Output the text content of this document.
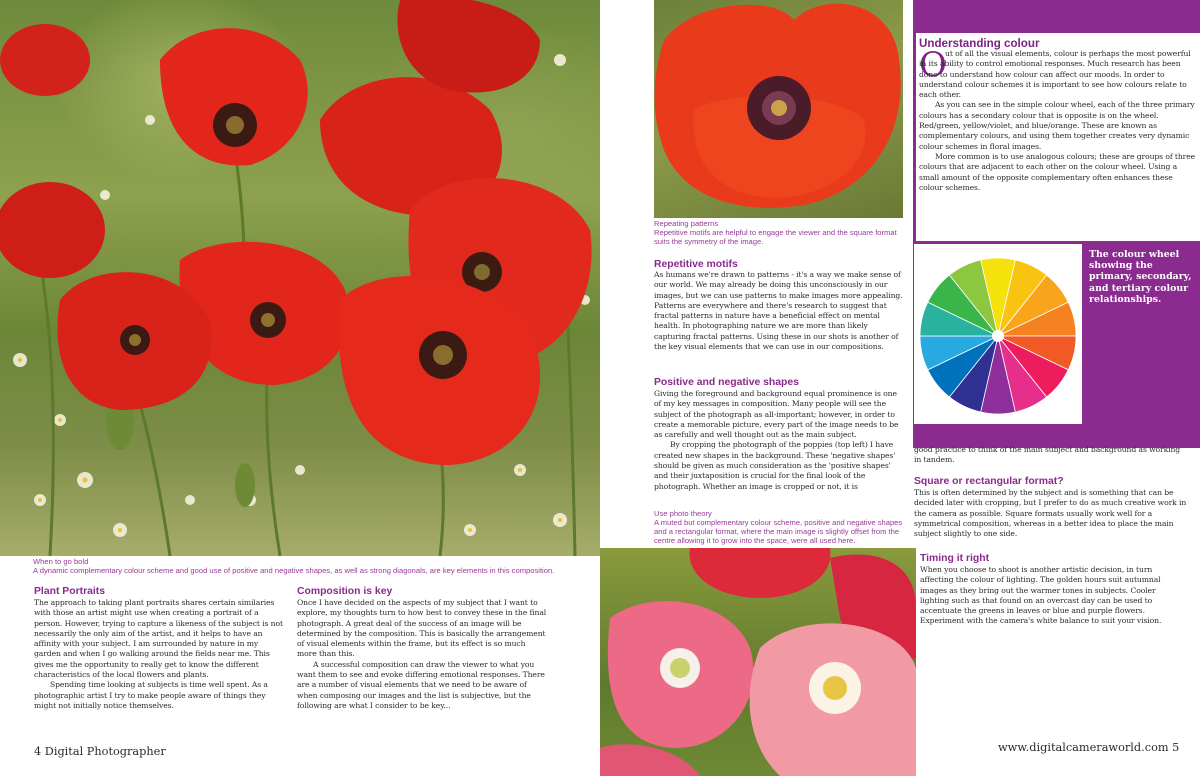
When to go bold
A dynamic complementary colour scheme and good use of positive and negative shapes, as well as strong diagonals, are key elements in this composition.
Plant Portraits

The approach to taking plant portraits shares certain similaries with those an artist might use when creating a portrait of a person. However, trying to capture a likeness of the subject is not necessarily the only aim of the artist, and it helps to have an affinity with your subject. I am surrounded by nature in my garden and when I go walking around the fields near me. This gives me the opportunity to really get to know the different characteristics of the local flowers and plants.

Spending time looking at subjects is time well spent. As a photographic artist I try to make people aware of things they might not initially notice themselves.

Composition is key

Once I have decided on the aspects of my subject that I want to explore, my thoughts turn to how best to convey these in the final photograph. A great deal of the success of an image will be determined by the composition. This is basically the arrangement of visual elements within the frame, but its effect is so much more than this.

A successful composition can draw the viewer to what you want them to see and evoke differing emotional responses. There are a number of visual elements that we need to be aware of when composing our images and the list is subjective, but the following are what I consider to be key...

4 Digital Photographer
Repeating patterns
Repetitive motifs are helpful to engage the viewer and the square format suits the symmetry of the image.
Repetitive motifs

As humans we're drawn to patterns - it's a way we make sense of our world. We may already be doing this unconsciously in our images, but we can use patterns to make images more appealing. Patterns are everywhere and there's research to suggest that fractal patterns in nature have a beneficial effect on mental health. In photographing nature we are more than likely capturing fractal patterns. Using these in our shots is another of the key visual elements that we can use in our compositions.

Positive and negative shapes

Giving the foreground and background equal prominence is one of my key messages in composition. Many people will see the subject of the photograph as all-important; however, in order to create a memorable picture, every part of the image needs to be as carefully and well thought out as the main subject.

By cropping the photograph of the poppies (top left) I have created new shapes in the background. These 'negative shapes' should be given as much consideration as the 'positive shapes' and their juxtaposition is crucial for the final look of the photograph. Whether an image is cropped or not, it is

Use photo theory
A muted but complementary colour scheme, positive and negative shapes and a rectangular format, where the main image is slightly offset from the centre allowing it to grow into the space, were all used here.
Understanding colour
O

ut of all the visual elements, colour is perhaps the most powerful in its ability to control emotional responses. Much research has been done to understand how colour can affect our moods. In order to understand colour schemes it is important to see how colours relate to each other.

As you can see in the simple colour wheel, each of the three primary colours has a secondary colour that is opposite is on the wheel. Red/green, yellow/violet, and blue/orange. These are known as complementary colours, and using them together creates very dynamic colour schemes in floral images.

More common is to use analogous colours; these are groups of three colours that are adjacent to each other on the colour wheel. Using a small amount of the opposite complementary often enhances these colour schemes.

The colour wheel showing the primary, secondary, and tertiary colour relationships.
good practice to think of the main subject and background as working in tandem.
Square or rectangular format?

This is often determined by the subject and is something that can be decided later with cropping, but I prefer to do as much creative work in the camera as possible. Square formats usually work well for a symmetrical composition, whereas in a better idea to place the main subject slightly to one side.

Timing it right

When you choose to shoot is another artistic decision, in turn affecting the colour of lighting. The golden hours suit autumnal images as they bring out the warmer tones in subjects. Cooler lighting such as that found on an overcast day can be used to accentuate the greens in leaves or blue and purple flowers. Experiment with the camera's white balance to suit your vision.

www.digitalcameraworld.com 5
